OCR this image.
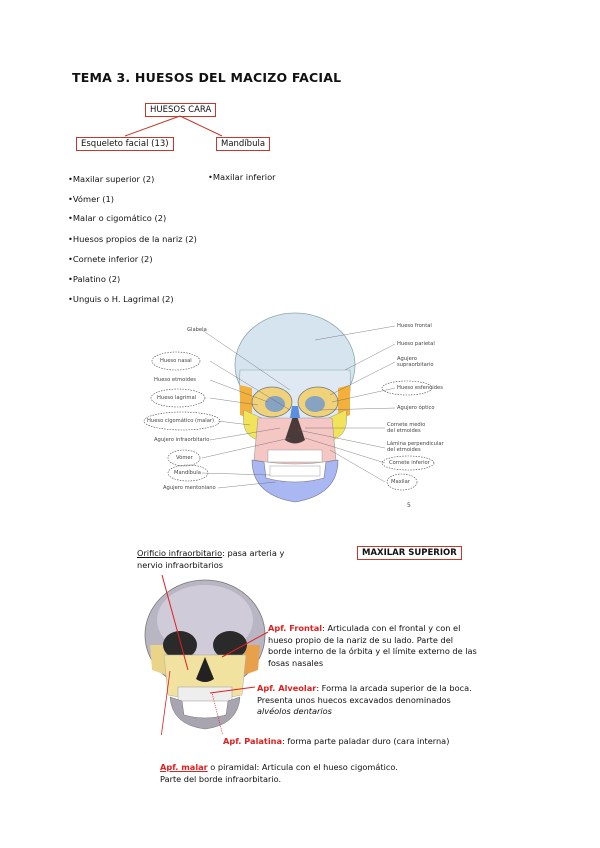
TEMA 3. HUESOS DEL MACIZO FACIAL
HUESOS CARA
Esqueleto facial (13)	Mandíbula
•Maxilar superior (2)
•Vómer (1)
•Malar o cigomático (2)
•Huesos propios de la nariz (2)
•Cornete inferior (2)
•Palatino (2)
•Unguis o H. Lagrimal (2)
•Maxilar inferior
Glabela
Hueso nasal
Hueso etmoides
Hueso lagrimal
Hueso cigomático (malar)
Agujero infraorbitario
Vómer
Mandíbula
Agujero mentoniano
Hueso frontal
Hueso parietal
Agujero supraorbitario
Hueso esfenoides
Agujero óptico
Cornete medio del etmoides
Lámina perpendicular del etmoides
Cornete inferior
Maxilar
5
Orificio infraorbitario: pasa arteria y nervio infraorbitarios
MAXILAR SUPERIOR
Apf. Frontal: Articulada con el frontal y con el hueso propio de la nariz de su lado. Parte del borde interno de la órbita y el límite externo de las fosas nasales
Apf. Alveolar: Forma la arcada superior de la boca. Presenta unos huecos excavados denominados alvéolos dentarios
Apf. Palatina: forma parte paladar duro (cara interna)
Apf. malar o piramidal: Articula con el hueso cigomático. Parte del borde infraorbitario.
